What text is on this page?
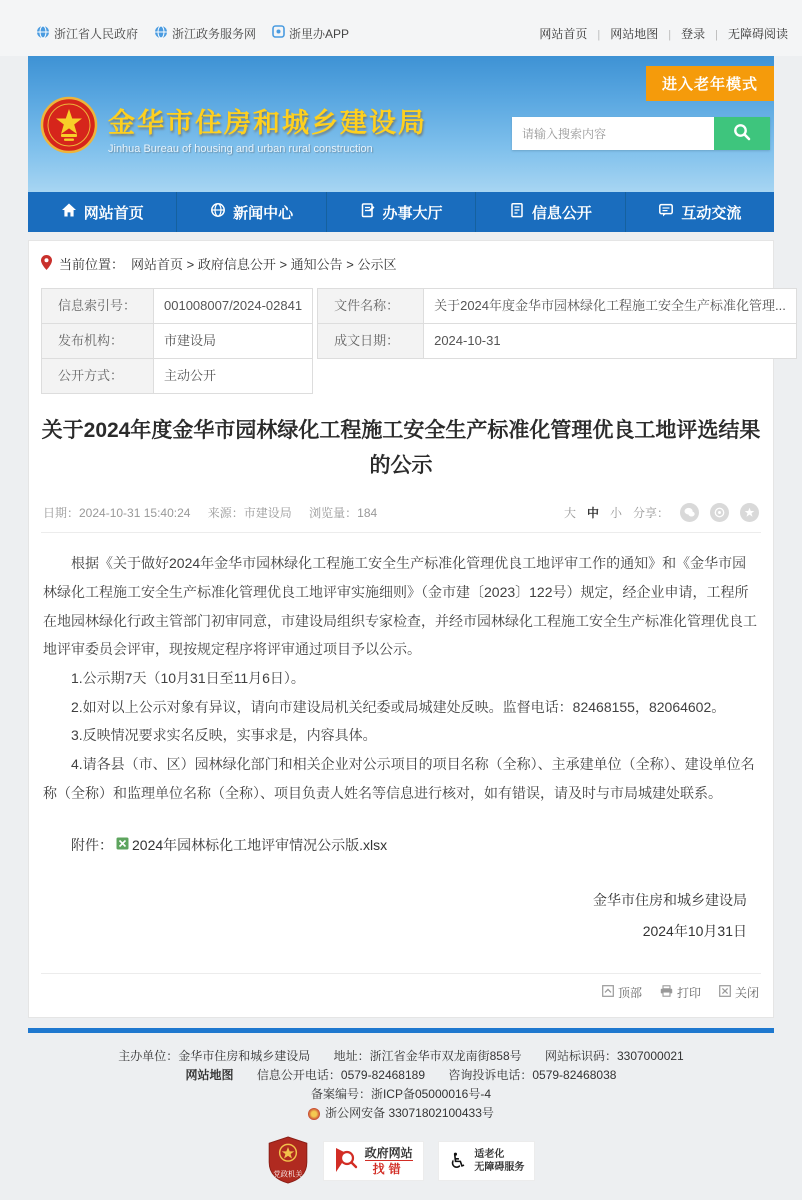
浙江省人民政府	浙江政务服务网	浙里办APP	网站首页	| 网站地图	| 登录	| 无障碍阅读
进入老年模式
金华市住房和城乡建设局
Jinhua Bureau of housing and urban rural construction
请输入搜索内容
网站首页	新闻中心	办事大厅	信息公开	互动交流
当前位置： 网站首页 > 政府信息公开 > 通知公告 > 公示区
信息索引号：	001008007/2024-02841
发布机构：	市建设局
公开方式：	主动公开
文件名称：	关于2024年度金华市园林绿化工程施工安全生产标准化管理...
成文日期：	2024-10-31
关于2024年度金华市园林绿化工程施工安全生产标准化管理优良工地评选结果的公示
日期：2024-10-31 15:40:24 来源：市建设局 浏览量：184	大 中 小 分享：

根据《关于做好2024年金华市园林绿化工程施工安全生产标准化管理优良工地评审工作的通知》和《金华市园林绿化工程施工安全生产标准化管理优良工地评审实施细则》（金市建〔2023〕122号）规定，经企业申请，工程所在地园林绿化行政主管部门初审同意，市建设局组织专家检查，并经市园林绿化工程施工安全生产标准化管理优良工地评审委员会评审，现按规定程序将评审通过项目予以公示。

1.公示期7天（10月31日至11月6日）。

2.如对以上公示对象有异议，请向市建设局机关纪委或局城建处反映。监督电话：82468155，82064602。

3.反映情况要求实名反映，实事求是，内容具体。

4.请各县（市、区）园林绿化部门和相关企业对公示项目的项目名称（全称）、主承建单位（全称）、建设单位名称（全称）和监理单位名称（全称）、项目负责人姓名等信息进行核对，如有错误，请及时与市局城建处联系。

附件： 2024年园林标化工地评审情况公示版.xlsx
金华市住房和城乡建设局
2024年10月31日
顶部	打印	关闭
主办单位：金华市住房和城乡建设局 地址：浙江省金华市双龙南街858号 网站标识码：3307000021
网站地图 信息公开电话：0579-82468189 咨询投诉电话：0579-82468038
备案编号：浙ICP备05000016号-4
浙公网安备 33071802100433号
党政机关
政府网站
找错	♿ 适老化
无障碍服务
